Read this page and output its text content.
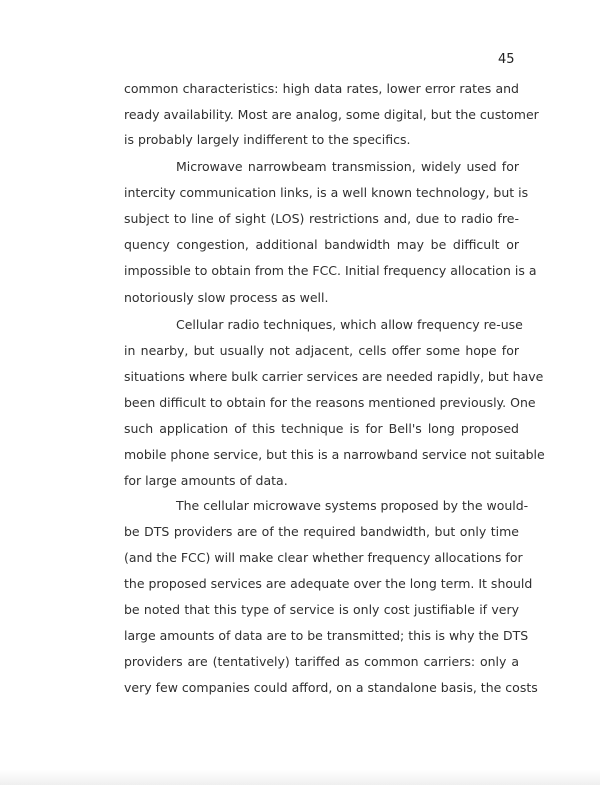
45
common characteristics: high data rates, lower error rates and
ready availability. Most are analog, some digital, but the customer
is probably largely indifferent to the specifics.
Microwave narrowbeam transmission, widely used for
intercity communication links, is a well known technology, but is
subject to line of sight (LOS) restrictions and, due to radio fre-
quency congestion, additional bandwidth may be difficult or
impossible to obtain from the FCC. Initial frequency allocation is a
notoriously slow process as well.
Cellular radio techniques, which allow frequency re-use
in nearby, but usually not adjacent, cells offer some hope for
situations where bulk carrier services are needed rapidly, but have
been difficult to obtain for the reasons mentioned previously. One
such application of this technique is for Bell's long proposed
mobile phone service, but this is a narrowband service not suitable
for large amounts of data.
The cellular microwave systems proposed by the would-
be DTS providers are of the required bandwidth, but only time
(and the FCC) will make clear whether frequency allocations for
the proposed services are adequate over the long term. It should
be noted that this type of service is only cost justifiable if very
large amounts of data are to be transmitted; this is why the DTS
providers are (tentatively) tariffed as common carriers: only a
very few companies could afford, on a standalone basis, the costs
